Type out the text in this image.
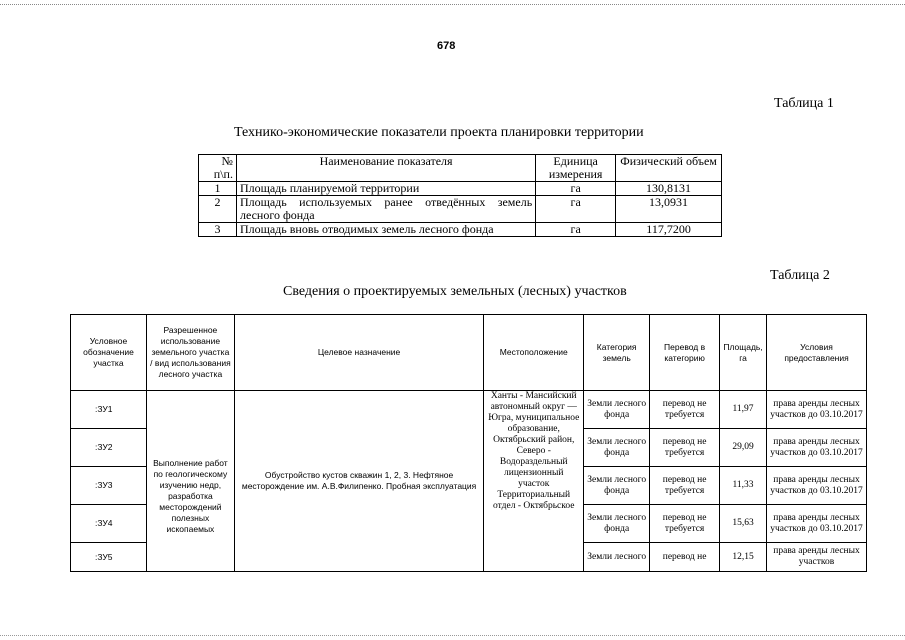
678
Таблица 1
Технико-экономические показатели проекта планировки территории
№ п\п.	Наименование показателя	Единица измерения	Физический объем
1	Площадь планируемой территории	га	130,8131
2	Площадь используемых ранее отведённых земель лесного фонда	га	13,0931
3	Площадь вновь отводимых земель лесного фонда	га	117,7200
Таблица 2
Сведения о проектируемых земельных (лесных) участков
Условное обозначение участка	Разрешенное использование земельного участка / вид использования лесного участка	Целевое назначение	Местоположение	Категория земель	Перевод в категорию	Площадь, га	Условия предоставления
:ЗУ1	Выполнение работ по геологическому изучению недр, разработка месторождений полезных ископаемых	Обустройство кустов скважин 1, 2, 3. Нефтяное месторождение им. А.В.Филипенко. Пробная эксплуатация	Ханты - Мансийский автономный округ — Югра, муниципальное образование, Октябрьский район, Северо - Водораздельный лицензионный участок Территориальный отдел - Октябрьское	Земли лесного фонда	перевод не требуется	11,97	права аренды лесных участков до 03.10.2017
:ЗУ2				Земли лесного фонда	перевод не требуется	29,09	права аренды лесных участков до 03.10.2017
:ЗУ3				Земли лесного фонда	перевод не требуется	11,33	права аренды лесных участков до 03.10.2017
:ЗУ4				Земли лесного фонда	перевод не требуется	15,63	права аренды лесных участков до 03.10.2017
:ЗУ5				Земли лесного	перевод не	12,15	права аренды лесных участков
